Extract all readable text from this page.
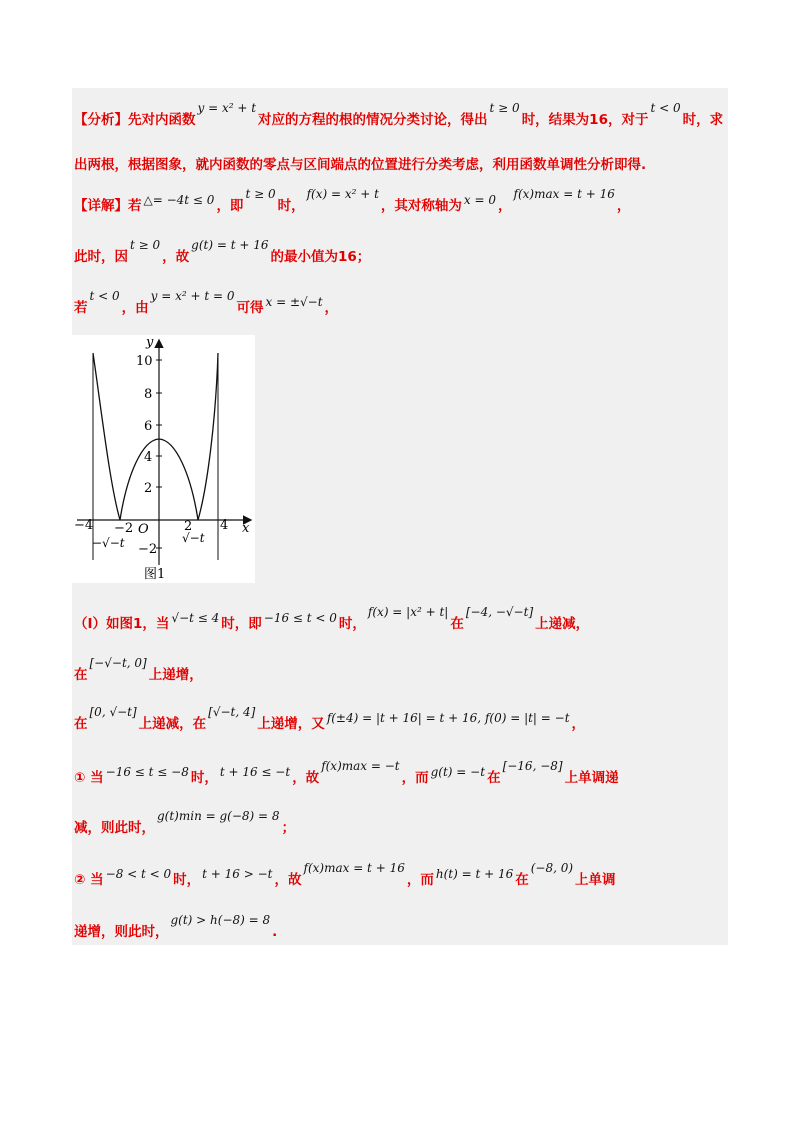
【分析】先对内函数y = x² + t对应的方程的根的情况分类讨论，得出t ≥ 0时，结果为16，对于t < 0时，求
出两根，根据图象，就内函数的零点与区间端点的位置进行分类考虑，利用函数单调性分析即得.
【详解】若 △= −4t ≤ 0 ，即t ≥ 0时，f(x) = x² + t，其对称轴为 x = 0 ，f(x)max = t + 16，
此时，因t ≥ 0，故g(t) = t + 16的最小值为16；
若t < 0，由y = x² + t = 0可得 x = ±√−t ，
y
x
10
8
6
4
2
−2
−4 −2 O	2 4
−√−t	√−t
图1
（Ⅰ）如图1，当 √−t ≤ 4 时，即 −16 ≤ t < 0 时，f(x) = |x² + t|在[−4, −√−t]上递减，
在[−√−t, 0]上递增，
在[0, √−t]上递减，在[√−t, 4]上递增，又 f(±4) = |t + 16| = t + 16, f(0) = |t| = −t ，
① 当 −16 ≤ t ≤ −8 时， t + 16 ≤ −t ，故f(x)max = −t，而 g(t) = −t 在[−16, −8]上单调递
减，则此时，g(t)min = g(−8) = 8；
② 当 −8 < t < 0 时， t + 16 > −t ，故f(x)max = t + 16，而 h(t) = t + 16 在(−8, 0)上单调
递增，则此时，g(t) > h(−8) = 8.
